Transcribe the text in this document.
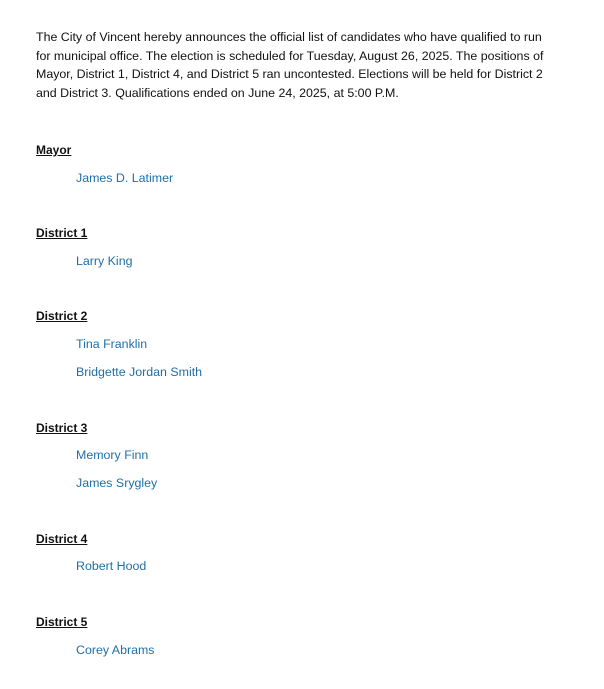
The City of Vincent hereby announces the official list of candidates who have qualified to run for municipal office. The election is scheduled for Tuesday, August 26, 2025. The positions of Mayor, District 1, District 4, and District 5 ran uncontested. Elections will be held for District 2 and District 3. Qualifications ended on June 24, 2025, at 5:00 P.M.

Mayor
James D. Latimer
District 1
Larry King
District 2
Tina Franklin
Bridgette Jordan Smith
District 3
Memory Finn
James Srygley
District 4
Robert Hood
District 5
Corey Abrams
